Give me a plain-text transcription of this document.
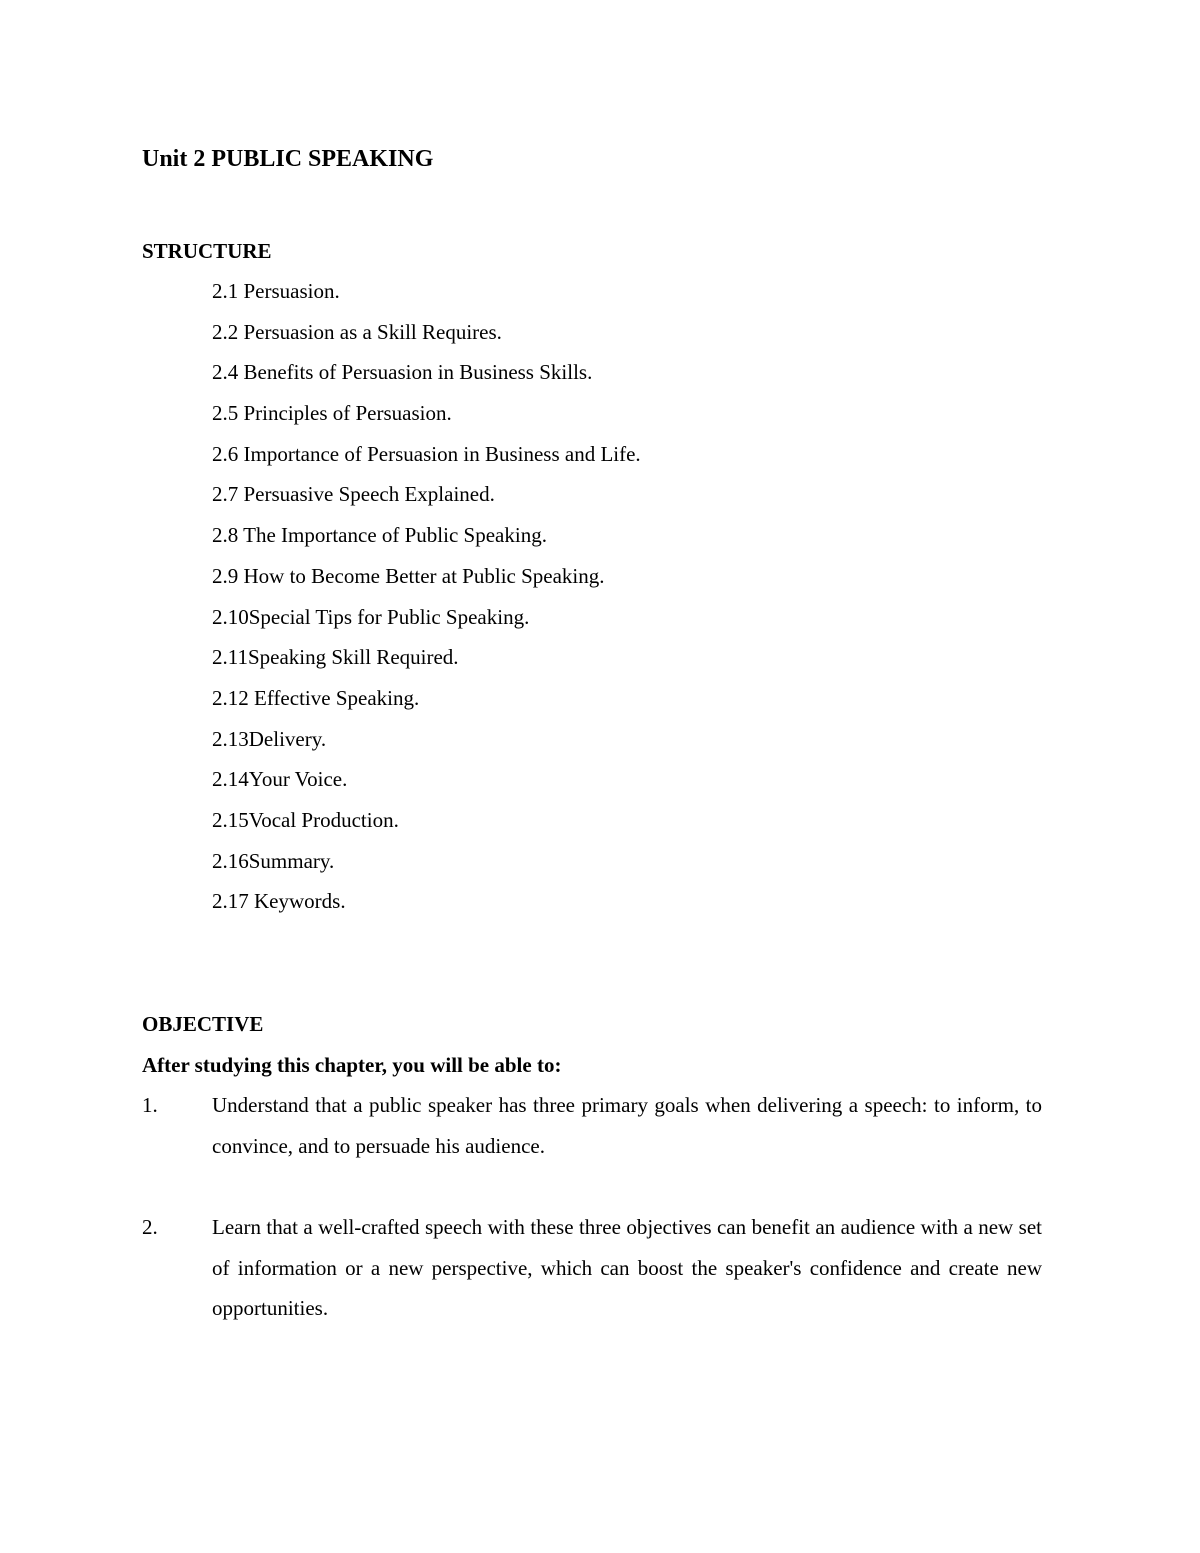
Unit 2 PUBLIC SPEAKING
STRUCTURE
2.1 Persuasion.
2.2 Persuasion as a Skill Requires.
2.4 Benefits of Persuasion in Business Skills.
2.5 Principles of Persuasion.
2.6 Importance of Persuasion in Business and Life.
2.7 Persuasive Speech Explained.
2.8 The Importance of Public Speaking.
2.9 How to Become Better at Public Speaking.
2.10Special Tips for Public Speaking.
2.11Speaking Skill Required.
2.12 Effective Speaking.
2.13Delivery.
2.14Your Voice.
2.15Vocal Production.
2.16Summary.
2.17 Keywords.
OBJECTIVE
After studying this chapter, you will be able to:
1.	Understand that a public speaker has three primary goals when delivering a speech: to inform, to convince, and to persuade his audience.
2.	Learn that a well-crafted speech with these three objectives can benefit an audience with a new set of information or a new perspective, which can boost the speaker's confidence and create new opportunities.
